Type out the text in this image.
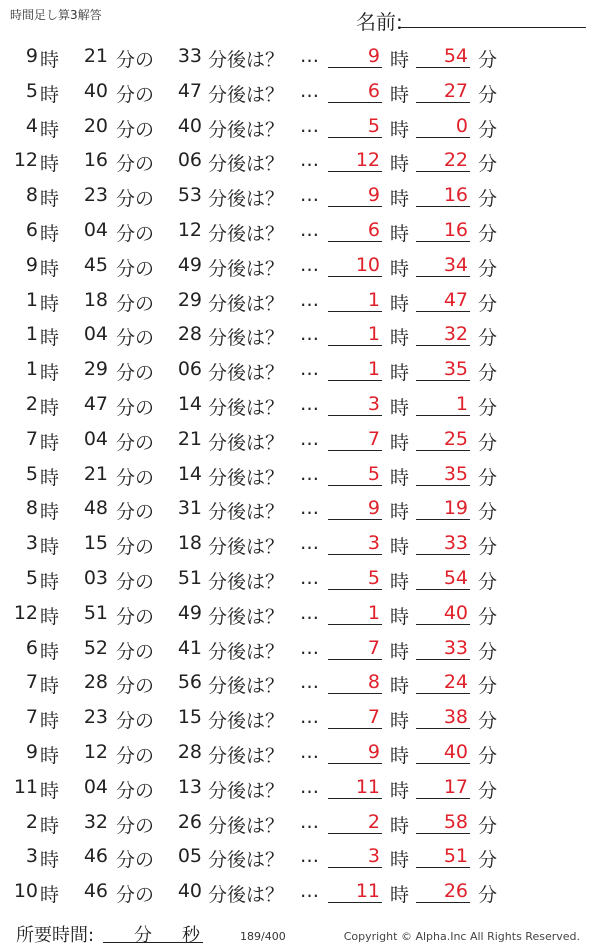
時間足し算3解答	名前:
9 時	21 分の	33 分後は？ …	9 時	54 分
5 時	40 分の	47 分後は？ …	6 時	27 分
4 時	20 分の	40 分後は？ …	5 時	0 分
12 時	16 分の	06 分後は？ …	12 時	22 分
8 時	23 分の	53 分後は？ …	9 時	16 分
6 時	04 分の	12 分後は？ …	6 時	16 分
9 時	45 分の	49 分後は？ …	10 時	34 分
1 時	18 分の	29 分後は？ …	1 時	47 分
1 時	04 分の	28 分後は？ …	1 時	32 分
1 時	29 分の	06 分後は？ …	1 時	35 分
2 時	47 分の	14 分後は？ …	3 時	1 分
7 時	04 分の	21 分後は？ …	7 時	25 分
5 時	21 分の	14 分後は？ …	5 時	35 分
8 時	48 分の	31 分後は？ …	9 時	19 分
3 時	15 分の	18 分後は？ …	3 時	33 分
5 時	03 分の	51 分後は？ …	5 時	54 分
12 時	51 分の	49 分後は？ …	1 時	40 分
6 時	52 分の	41 分後は？ …	7 時	33 分
7 時	28 分の	56 分後は？ …	8 時	24 分
7 時	23 分の	15 分後は？ …	7 時	38 分
9 時	12 分の	28 分後は？ …	9 時	40 分
11 時	04 分の	13 分後は？ …	11 時	17 分
2 時	32 分の	26 分後は？ …	2 時	58 分
3 時	46 分の	05 分後は？ …	3 時	51 分
10 時	46 分の	40 分後は？ …	11 時	26 分
所要時間: 分 秒	189/400	Copyright © Alpha.Inc All Rights Reserved.
